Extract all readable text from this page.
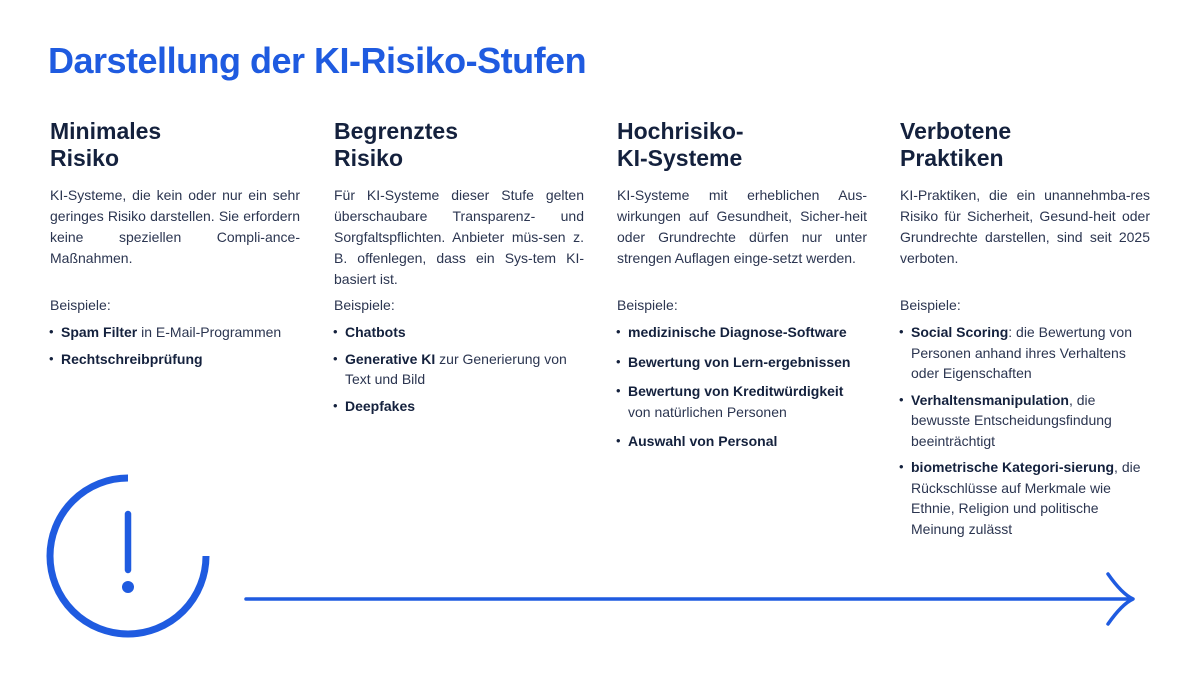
Darstellung der KI-Risiko-Stufen
Minimales
Risiko
KI-Systeme, die kein oder nur ein sehr geringes Risiko darstellen. Sie erfordern keine speziellen Compli-ance-Maßnahmen.
Beispiele:
• Spam Filter in E-Mail-Programmen
• Rechtschreibprüfung
Begrenztes
Risiko
Für KI-Systeme dieser Stufe gelten überschaubare Transparenz- und Sorgfaltspflichten. Anbieter müs-sen z. B. offenlegen, dass ein Sys-tem KI-basiert ist.
Beispiele:
• Chatbots
• Generative KI zur Generierung von Text und Bild
• Deepfakes
Hochrisiko-
KI-Systeme
KI-Systeme mit erheblichen Aus-wirkungen auf Gesundheit, Sicher-heit oder Grundrechte dürfen nur unter strengen Auflagen einge-setzt werden.
Beispiele:
• medizinische Diagnose-Software
• Bewertung von Lern-ergebnissen
• Bewertung von Kreditwürdigkeit von natürlichen Personen
• Auswahl von Personal
Verbotene
Praktiken
KI-Praktiken, die ein unannehmba-res Risiko für Sicherheit, Gesund-heit oder Grundrechte darstellen, sind seit 2025 verboten.
Beispiele:
• Social Scoring: die Bewertung von Personen anhand ihres Verhaltens oder Eigenschaften
• Verhaltensmanipulation, die bewusste Entscheidungsfindung beeinträchtigt
• biometrische Kategori-sierung, die Rückschlüsse auf Merkmale wie Ethnie, Religion und politische Meinung zulässt
